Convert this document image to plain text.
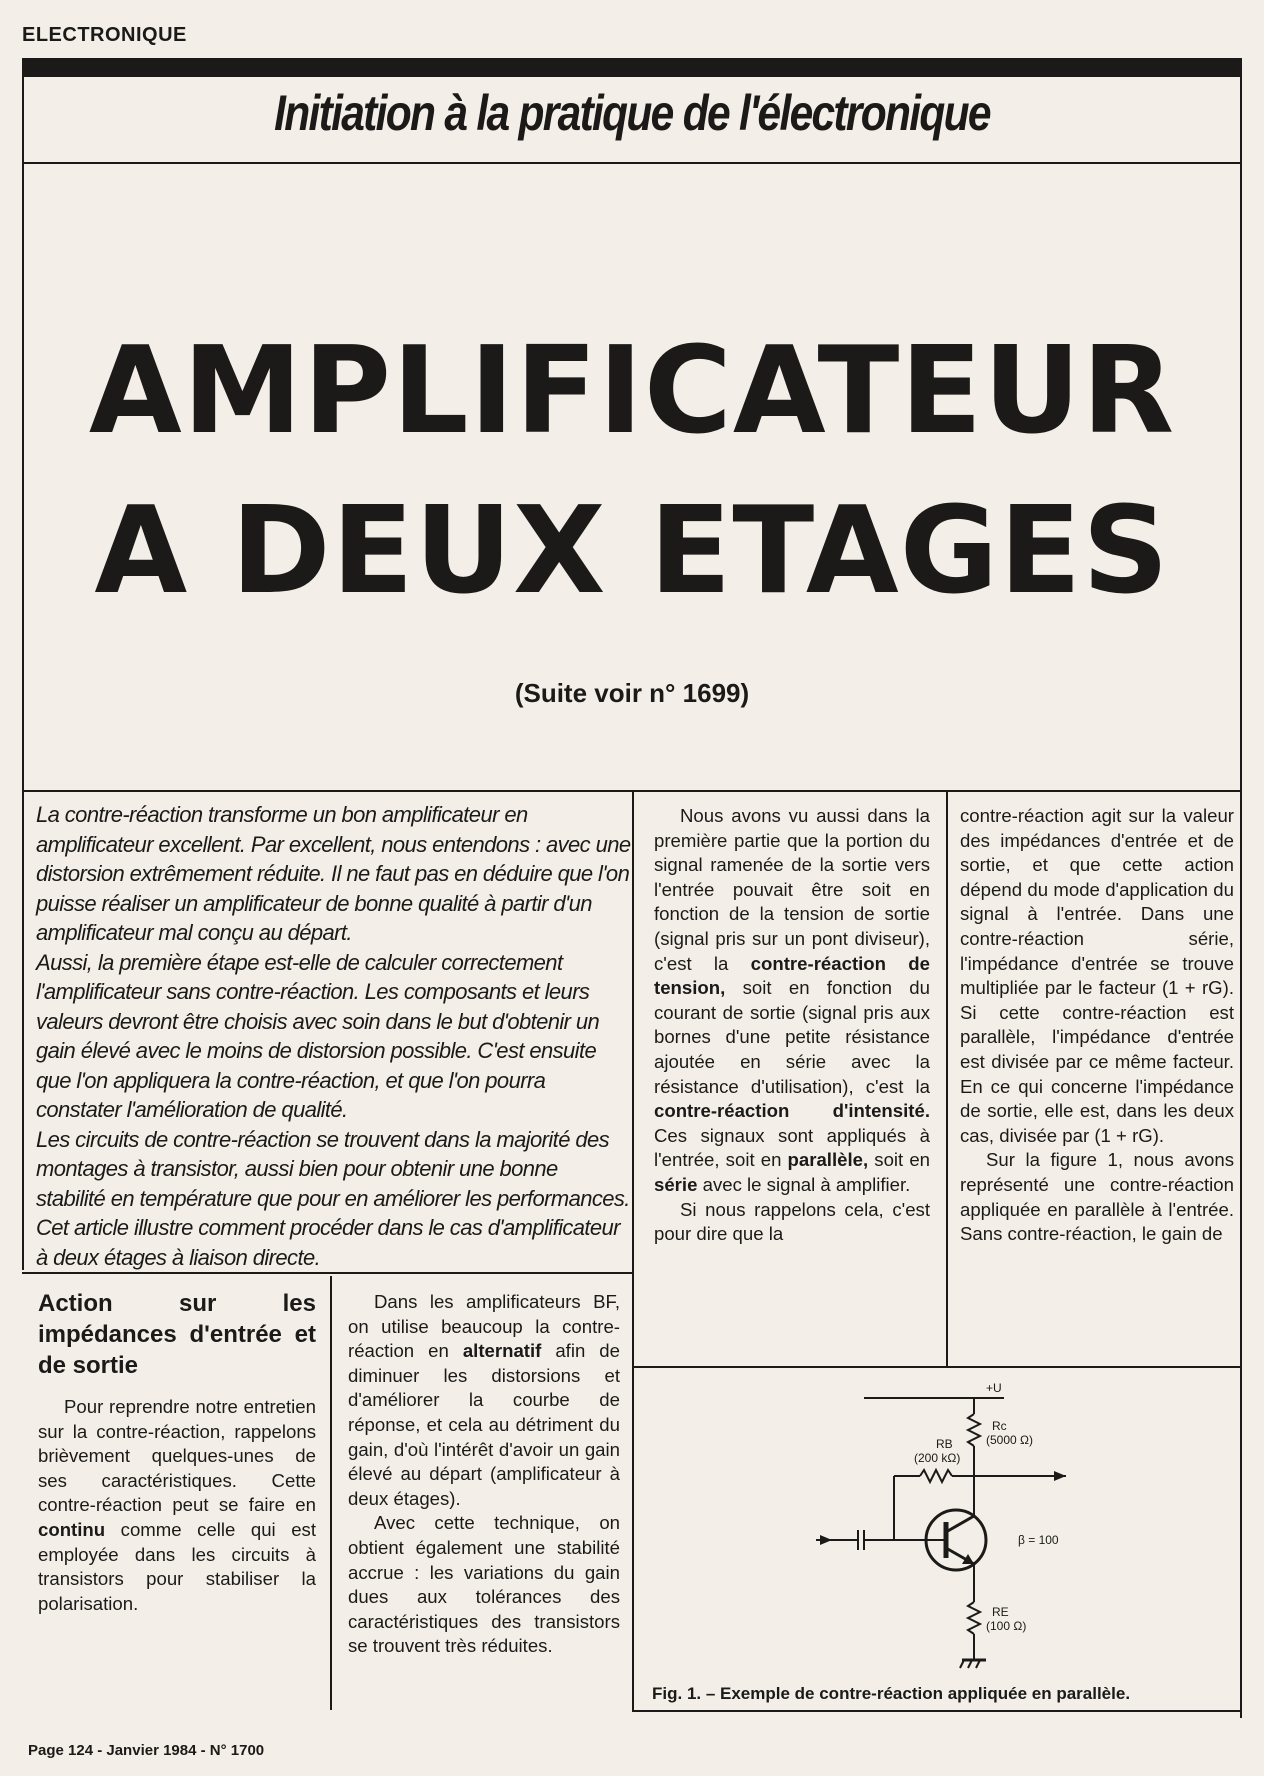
ELECTRONIQUE
Initiation à la pratique de l'électronique
AMPLIFICATEUR
A DEUX ETAGES
(Suite voir n° 1699)
La contre-réaction transforme un bon amplificateur en amplificateur excellent. Par excellent, nous entendons : avec une distorsion extrêmement réduite. Il ne faut pas en déduire que l'on puisse réaliser un amplificateur de bonne qualité à partir d'un amplificateur mal conçu au départ.
Aussi, la première étape est-elle de calculer correctement l'amplificateur sans contre-réaction. Les composants et leurs valeurs devront être choisis avec soin dans le but d'obtenir un gain élevé avec le moins de distorsion possible. C'est ensuite que l'on appliquera la contre-réaction, et que l'on pourra constater l'amélioration de qualité.
Les circuits de contre-réaction se trouvent dans la majorité des montages à transistor, aussi bien pour obtenir une bonne stabilité en température que pour en améliorer les performances. Cet article illustre comment procéder dans le cas d'amplificateur à deux étages à liaison directe.
Action sur les impédances d'entrée et de sortie

Pour reprendre notre entretien sur la contre-réaction, rappelons brièvement quelques-unes de ses caractéristiques. Cette contre-réaction peut se faire en continu comme celle qui est employée dans les circuits à transistors pour stabiliser la polarisation.

Dans les amplificateurs BF, on utilise beaucoup la contre-réaction en alternatif afin de diminuer les distorsions et d'améliorer la courbe de réponse, et cela au détriment du gain, d'où l'intérêt d'avoir un gain élevé au départ (amplificateur à deux étages).

Avec cette technique, on obtient également une stabilité accrue : les variations du gain dues aux tolérances des caractéristiques des transistors se trouvent très réduites.

Nous avons vu aussi dans la première partie que la portion du signal ramenée de la sortie vers l'entrée pouvait être soit en fonction de la tension de sortie (signal pris sur un pont diviseur), c'est la contre-réaction de tension, soit en fonction du courant de sortie (signal pris aux bornes d'une petite résistance ajoutée en série avec la résistance d'utilisation), c'est la contre-réaction d'intensité. Ces signaux sont appliqués à l'entrée, soit en parallèle, soit en série avec le signal à amplifier.

Si nous rappelons cela, c'est pour dire que la

contre-réaction agit sur la valeur des impédances d'entrée et de sortie, et que cette action dépend du mode d'application du signal à l'entrée. Dans une contre-réaction série, l'impédance d'entrée se trouve multipliée par le facteur (1 + rG). Si cette contre-réaction est parallèle, l'impédance d'entrée est divisée par ce même facteur. En ce qui concerne l'impédance de sortie, elle est, dans les deux cas, divisée par (1 + rG).

Sur la figure 1, nous avons représenté une contre-réaction appliquée en parallèle à l'entrée. Sans contre-réaction, le gain de

+U
Rc
(5000 Ω)
RB
(200 kΩ)
β = 100
RE
(100 Ω)
Fig. 1. – Exemple de contre-réaction appliquée en parallèle.
Page 124 - Janvier 1984 - N° 1700
